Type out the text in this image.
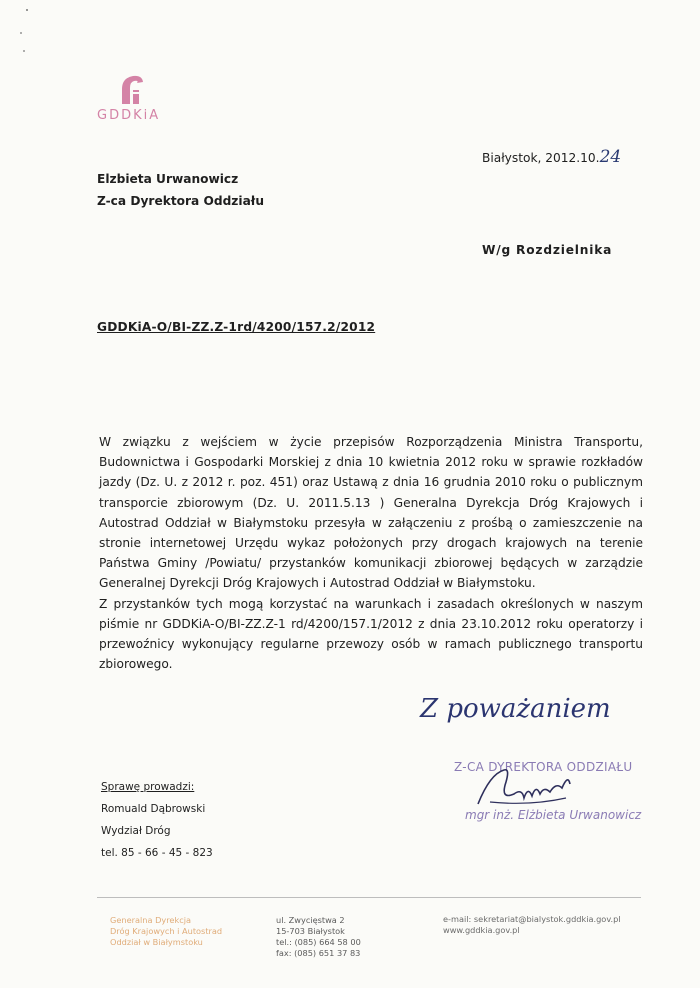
GDDKiA
Elzbieta Urwanowicz
Z-ca Dyrektora Oddziału
Białystok, 2012.10.24
W/g Rozdzielnika
GDDKiA-O/BI-ZZ.Z-1rd/4200/157.2/2012

W związku z wejściem w życie przepisów Rozporządzenia Ministra Transportu, Budownictwa i Gospodarki Morskiej z dnia 10 kwietnia 2012 roku w sprawie rozkładów jazdy (Dz. U. z 2012 r. poz. 451) oraz Ustawą z dnia 16 grudnia 2010 roku o publicznym transporcie zbiorowym (Dz. U. 2011.5.13 ) Generalna Dyrekcja Dróg Krajowych i Autostrad Oddział w Białymstoku przesyła w załączeniu z prośbą o zamieszczenie na stronie internetowej Urzędu wykaz położonych przy drogach krajowych na terenie Państwa Gminy /Powiatu/ przystanków komunikacji zbiorowej będących w zarządzie Generalnej Dyrekcji Dróg Krajowych i Autostrad Oddział w Białymstoku.

Z przystanków tych mogą korzystać na warunkach i zasadach określonych w naszym piśmie nr GDDKiA-O/BI-ZZ.Z-1 rd/4200/157.1/2012 z dnia 23.10.2012 roku operatorzy i przewoźnicy wykonujący regularne przewozy osób w ramach publicznego transportu zbiorowego.

Z poważaniem
Z-CA DYREKTORA ODDZIAŁU
mgr inż. Elżbieta Urwanowicz
Sprawę prowadzi:
Romuald Dąbrowski
Wydział Dróg
tel. 85 - 66 - 45 - 823
Generalna Dyrekcja
Dróg Krajowych i Autostrad
Oddział w Białymstoku
ul. Zwycięstwa 2
15-703 Białystok
tel.: (085) 664 58 00
fax: (085) 651 37 83
e-mail: sekretariat@bialystok.gddkia.gov.pl
www.gddkia.gov.pl
